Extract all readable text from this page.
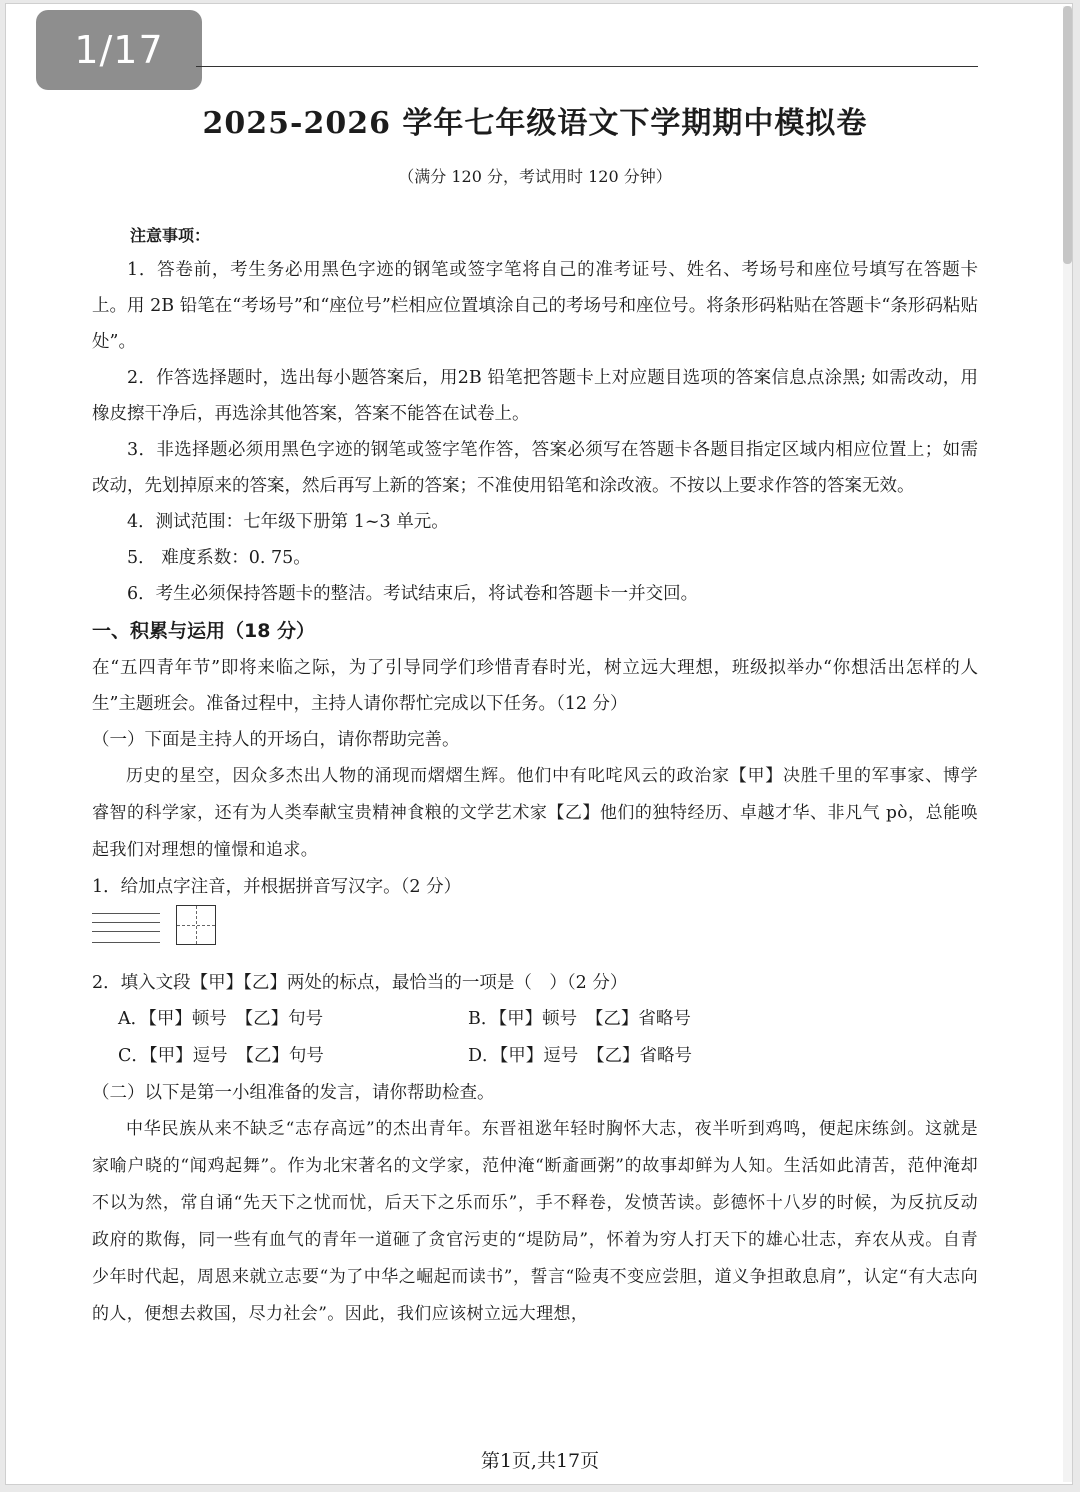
1/17
2025-2026 学年七年级语文下学期期中模拟卷
（满分 120 分，考试用时 120 分钟）
注意事项：

1．答卷前，考生务必用黑色字迹的钢笔或签字笔将自己的准考证号、姓名、考场号和座位号填写在答题卡上。用 2B 铅笔在“考场号”和“座位号”栏相应位置填涂自己的考场号和座位号。将条形码粘贴在答题卡“条形码粘贴处”。

2．作答选择题时，选出每小题答案后，用2B 铅笔把答题卡上对应题目选项的答案信息点涂黑; 如需改动，用橡皮擦干净后，再选涂其他答案，答案不能答在试卷上。

3．非选择题必须用黑色字迹的钢笔或签字笔作答，答案必须写在答题卡各题目指定区域内相应位置上；如需改动，先划掉原来的答案，然后再写上新的答案；不准使用铅笔和涂改液。不按以上要求作答的答案无效。

4．测试范围：七年级下册第 1~3 单元。

5． 难度系数：0. 75。

6．考生必须保持答题卡的整洁。考试结束后，将试卷和答题卡一并交回。

一、积累与运用（18 分）

在“五四青年节”即将来临之际，为了引导同学们珍惜青春时光，树立远大理想，班级拟举办“你想活出怎样的人生”主题班会。准备过程中，主持人请你帮忙完成以下任务。（12 分）

（一）下面是主持人的开场白，请你帮助完善。

历史的星空，因众多杰出人物的涌现而熠熠生辉。他们中有叱咤风云的政治家【甲】决胜千里的军事家、博学睿智的科学家，还有为人类奉献宝贵精神食粮的文学艺术家【乙】他们的独特经历、卓越才华、非凡气 pò，总能唤起我们对理想的憧憬和追求。

1．给加点字注音，并根据拼音写汉字。（2 分）

2．填入文段【甲】【乙】两处的标点，最恰当的一项是（　）（2 分）

A．【甲】顿号　【乙】句号	B．【甲】顿号　【乙】省略号
C．【甲】逗号　【乙】句号	D．【甲】逗号　【乙】省略号

（二）以下是第一小组准备的发言，请你帮助检查。

中华民族从来不缺乏“志存高远”的杰出青年。东晋祖逖年轻时胸怀大志，夜半听到鸡鸣，便起床练剑。这就是家喻户晓的“闻鸡起舞”。作为北宋著名的文学家，范仲淹“断齑画粥”的故事却鲜为人知。生活如此清苦，范仲淹却不以为然，常自诵“先天下之忧而忧，后天下之乐而乐”，手不释卷，发愤苦读。彭德怀十八岁的时候，为反抗反动政府的欺侮，同一些有血气的青年一道砸了贪官污吏的“堤防局”，怀着为穷人打天下的雄心壮志，弃农从戎。自青少年时代起，周恩来就立志要“为了中华之崛起而读书”，誓言“险夷不变应尝胆，道义争担敢息肩”，认定“有大志向的人，便想去救国，尽力社会”。因此，我们应该树立远大理想，

第1页,共17页
